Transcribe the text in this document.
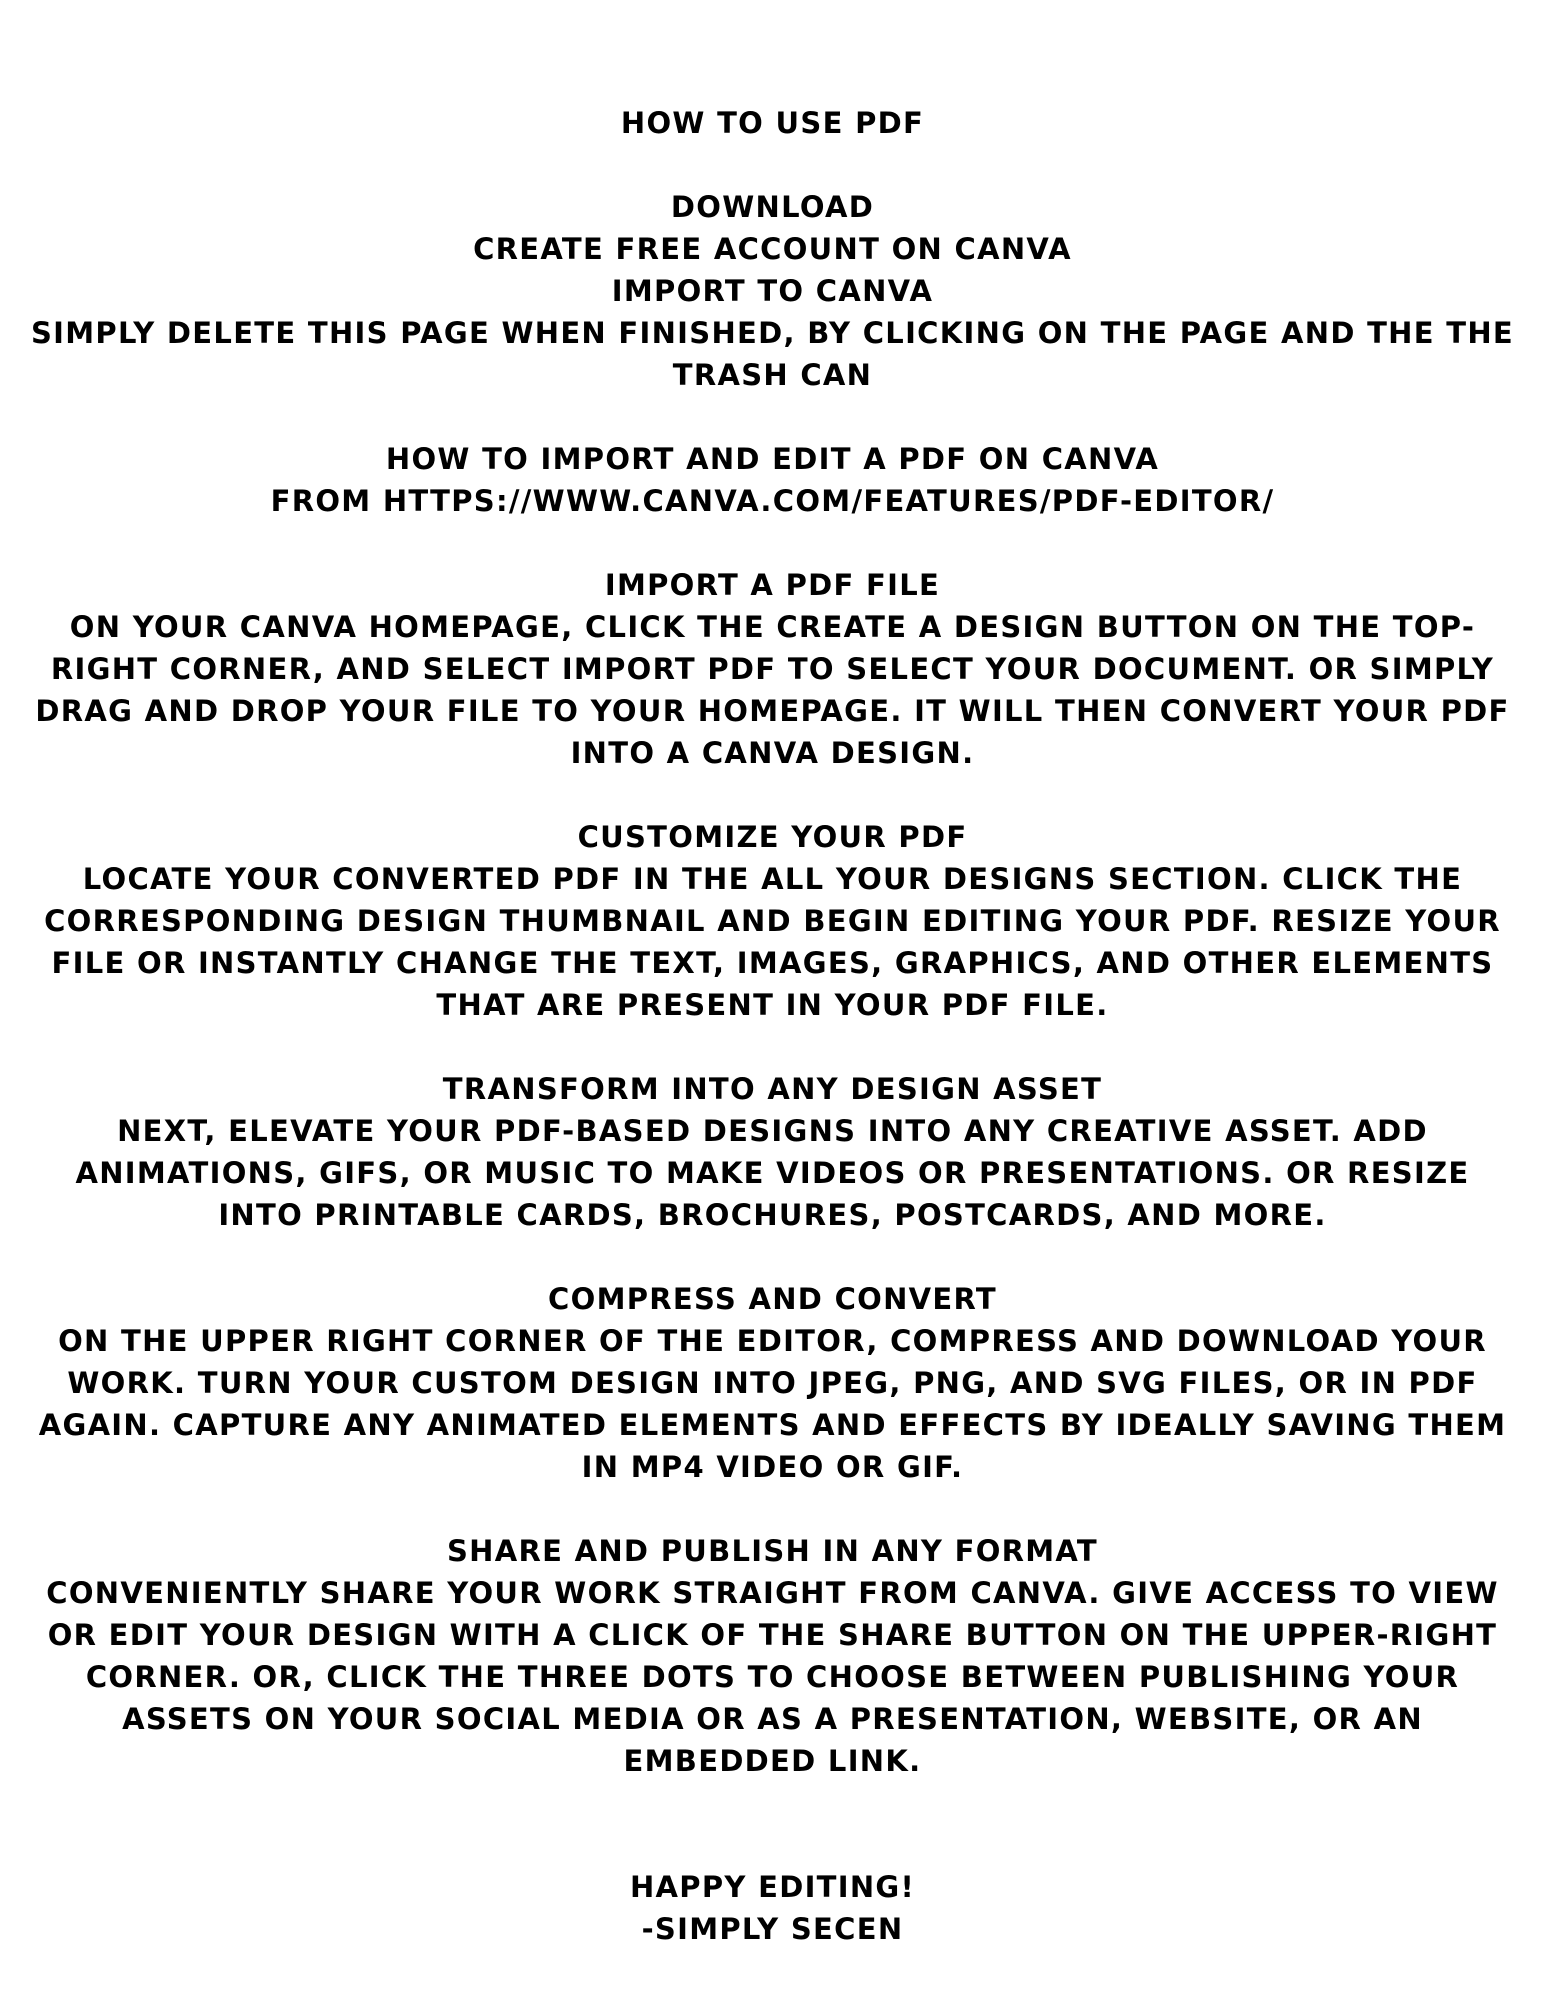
HOW TO USE PDF

DOWNLOAD

CREATE FREE ACCOUNT ON CANVA

IMPORT TO CANVA

SIMPLY DELETE THIS PAGE WHEN FINISHED, BY CLICKING ON THE PAGE AND THE THE TRASH CAN

HOW TO IMPORT AND EDIT A PDF ON CANVA

FROM HTTPS://WWW.CANVA.COM/FEATURES/PDF-EDITOR/

IMPORT A PDF FILE

ON YOUR CANVA HOMEPAGE, CLICK THE CREATE A DESIGN BUTTON ON THE TOP-RIGHT CORNER, AND SELECT IMPORT PDF TO SELECT YOUR DOCUMENT. OR SIMPLY DRAG AND DROP YOUR FILE TO YOUR HOMEPAGE. IT WILL THEN CONVERT YOUR PDF INTO A CANVA DESIGN.

CUSTOMIZE YOUR PDF

LOCATE YOUR CONVERTED PDF IN THE ALL YOUR DESIGNS SECTION. CLICK THE CORRESPONDING DESIGN THUMBNAIL AND BEGIN EDITING YOUR PDF. RESIZE YOUR FILE OR INSTANTLY CHANGE THE TEXT, IMAGES, GRAPHICS, AND OTHER ELEMENTS THAT ARE PRESENT IN YOUR PDF FILE.

TRANSFORM INTO ANY DESIGN ASSET

NEXT, ELEVATE YOUR PDF-BASED DESIGNS INTO ANY CREATIVE ASSET. ADD ANIMATIONS, GIFS, OR MUSIC TO MAKE VIDEOS OR PRESENTATIONS. OR RESIZE INTO PRINTABLE CARDS, BROCHURES, POSTCARDS, AND MORE.

COMPRESS AND CONVERT

ON THE UPPER RIGHT CORNER OF THE EDITOR, COMPRESS AND DOWNLOAD YOUR WORK. TURN YOUR CUSTOM DESIGN INTO JPEG, PNG, AND SVG FILES, OR IN PDF AGAIN. CAPTURE ANY ANIMATED ELEMENTS AND EFFECTS BY IDEALLY SAVING THEM IN MP4 VIDEO OR GIF.

SHARE AND PUBLISH IN ANY FORMAT

CONVENIENTLY SHARE YOUR WORK STRAIGHT FROM CANVA. GIVE ACCESS TO VIEW OR EDIT YOUR DESIGN WITH A CLICK OF THE SHARE BUTTON ON THE UPPER-RIGHT CORNER. OR, CLICK THE THREE DOTS TO CHOOSE BETWEEN PUBLISHING YOUR ASSETS ON YOUR SOCIAL MEDIA OR AS A PRESENTATION, WEBSITE, OR AN EMBEDDED LINK.

HAPPY EDITING!

-SIMPLY SECEN
